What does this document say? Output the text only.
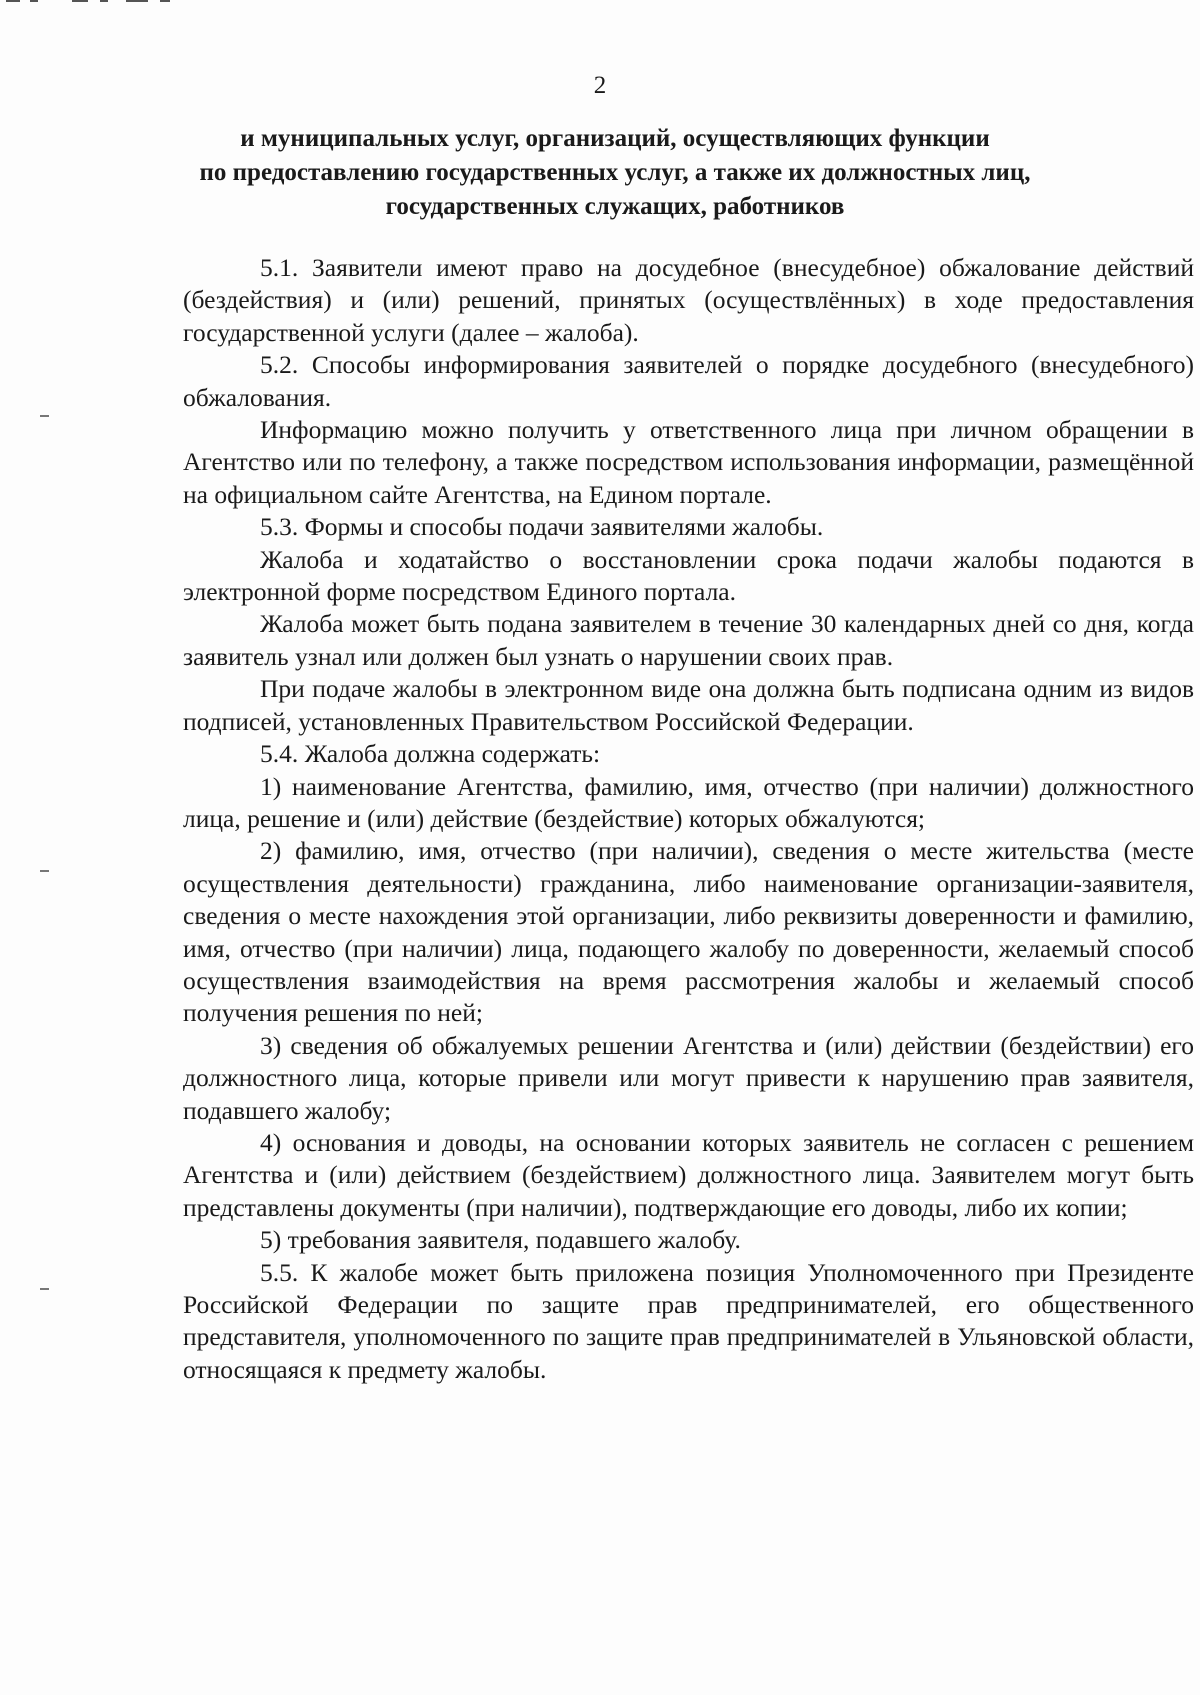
2
и муниципальных услуг, организаций, осуществляющих функции
по предоставлению государственных услуг, а также их должностных лиц,
государственных служащих, работников

5.1. Заявители имеют право на досудебное (внесудебное) обжалование действий (бездействия) и (или) решений, принятых (осуществлённых) в ходе предоставления государственной услуги (далее – жалоба).

5.2. Способы информирования заявителей о порядке досудебного (внесудебного) обжалования.

Информацию можно получить у ответственного лица при личном обращении в Агентство или по телефону, а также посредством использования информации, размещённой на официальном сайте Агентства, на Едином портале.

5.3. Формы и способы подачи заявителями жалобы.

Жалоба и ходатайство о восстановлении срока подачи жалобы подаются в электронной форме посредством Единого портала.

Жалоба может быть подана заявителем в течение 30 календарных дней со дня, когда заявитель узнал или должен был узнать о нарушении своих прав.

При подаче жалобы в электронном виде она должна быть подписана одним из видов подписей, установленных Правительством Российской Федерации.

5.4. Жалоба должна содержать:

1) наименование Агентства, фамилию, имя, отчество (при наличии) должностного лица, решение и (или) действие (бездействие) которых обжалуются;

2) фамилию, имя, отчество (при наличии), сведения о месте жительства (месте осуществления деятельности) гражданина, либо наименование организации-заявителя, сведения о месте нахождения этой организации, либо реквизиты доверенности и фамилию, имя, отчество (при наличии) лица, подающего жалобу по доверенности, желаемый способ осуществления взаимодействия на время рассмотрения жалобы и желаемый способ получения решения по ней;

3) сведения об обжалуемых решении Агентства и (или) действии (бездействии) его должностного лица, которые привели или могут привести к нарушению прав заявителя, подавшего жалобу;

4) основания и доводы, на основании которых заявитель не согласен с решением Агентства и (или) действием (бездействием) должностного лица. Заявителем могут быть представлены документы (при наличии), подтверждающие его доводы, либо их копии;

5) требования заявителя, подавшего жалобу.

5.5. К жалобе может быть приложена позиция Уполномоченного при Президенте Российской Федерации по защите прав предпринимателей, его общественного представителя, уполномоченного по защите прав предпринимателей в Ульяновской области, относящаяся к предмету жалобы.
